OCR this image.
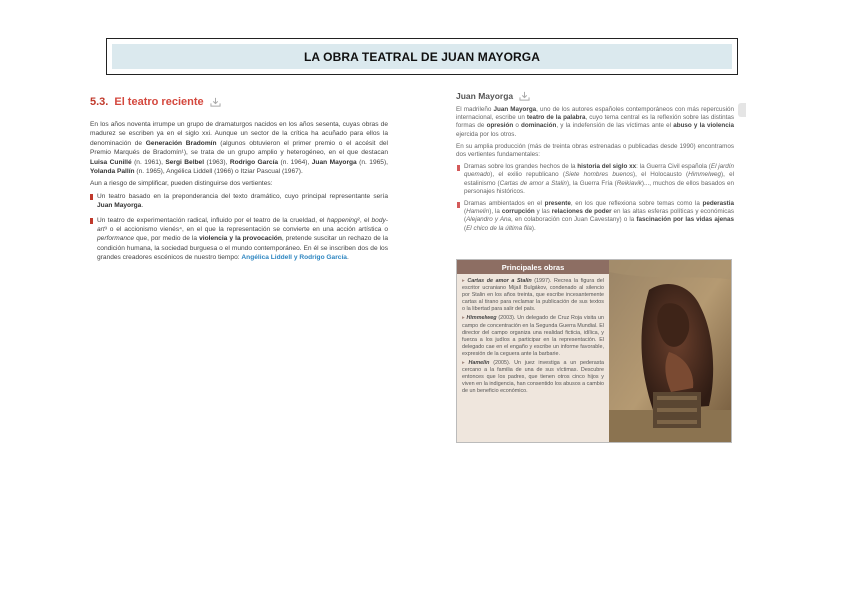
LA OBRA TEATRAL DE JUAN MAYORGA
5.3. El teatro reciente

En los años noventa irrumpe un grupo de dramaturgos nacidos en los años sesenta, cuyas obras de madurez se escriben ya en el siglo xxi. Aunque un sector de la crítica ha acuñado para ellos la denominación de Generación Bradomín (algunos obtuvieron el primer premio o el accésit del Premio Marqués de Bradomín¹), se trata de un grupo amplio y heterogéneo, en el que destacan Luisa Cunillé (n. 1961), Sergi Belbel (1963), Rodrigo García (n. 1964), Juan Mayorga (n. 1965), Yolanda Pallín (n. 1965), Angélica Liddell (1966) o Itziar Pascual (1967).

Aun a riesgo de simplificar, pueden distinguirse dos vertientes:

Un teatro basado en la preponderancia del texto dramático, cuyo principal representante sería Juan Mayorga.

Un teatro de experimentación radical, influido por el teatro de la crueldad, el happening², el body-art³ o el accionismo vienés⁴, en el que la representación se convierte en una acción artística o performance que, por medio de la violencia y la provocación, pretende suscitar un rechazo de la condición humana, la sociedad burguesa o el mundo contemporáneo. En él se inscriben dos de los grandes creadores escénicos de nuestro tiempo: Angélica Liddell y Rodrigo García.

Juan Mayorga

El madrileño Juan Mayorga, uno de los autores españoles contemporáneos con más repercusión internacional, escribe un teatro de la palabra, cuyo tema central es la reflexión sobre las distintas formas de opresión o dominación, y la indefensión de las víctimas ante el abuso y la violencia ejercida por los otros.

En su amplia producción (más de treinta obras estrenadas o publicadas desde 1990) encontramos dos vertientes fundamentales:

Dramas sobre los grandes hechos de la historia del siglo xx: la Guerra Civil española (El jardín quemado), el exilio republicano (Siete hombres buenos), el Holocausto (Himmelweg), el estalinismo (Cartas de amor a Stalin), la Guerra Fría (Reikiavik)..., muchos de ellos basados en personajes históricos.

Dramas ambientados en el presente, en los que reflexiona sobre temas como la pederastia (Hamelin), la corrupción y las relaciones de poder en las altas esferas políticas y económicas (Alejandro y Ana, en colaboración con Juan Cavestany) o la fascinación por las vidas ajenas (El chico de la última fila).

Principales obras

▸ Cartas de amor a Stalin (1997). Recrea la figura del escritor ucraniano Mijaíl Bulgákov, condenado al silencio por Stalin en los años treinta, que escribe incesantemente cartas al tirano para reclamar la publicación de sus textos o la libertad para salir del país.

▸ Himmelweg (2003). Un delegado de Cruz Roja visita un campo de concentración en la Segunda Guerra Mundial. El director del campo organiza una realidad ficticia, idílica, y fuerza a los judíos a participar en la representación. El delegado cae en el engaño y escribe un informe favorable, expresión de la ceguera ante la barbarie.

▸ Hamelin (2005). Un juez investiga a un pederasta cercano a la familia de una de sus víctimas. Descubre entonces que los padres, que tienen otros cinco hijos y viven en la indigencia, han consentido los abusos a cambio de un beneficio económico.
